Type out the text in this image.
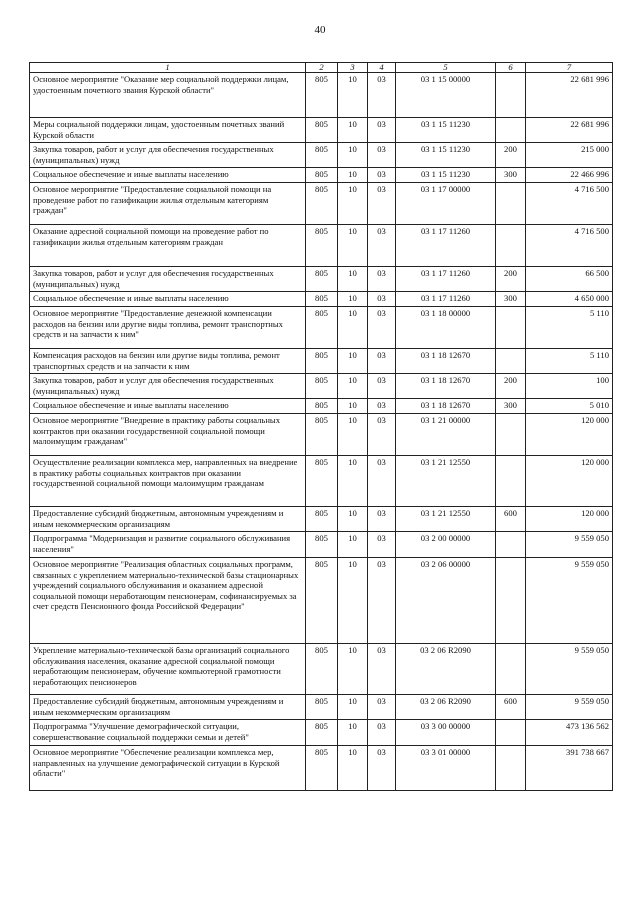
40
1	2	3	4	5	6	7
Основное мероприятие "Оказание мер социальной поддержки лицам, удостоенным почетного звания Курской области"	805	10	03	03 1 15 00000		22 681 996
Меры социальной поддержки лицам, удостоенным почетных званий Курской области	805	10	03	03 1 15 11230		22 681 996
Закупка товаров, работ и услуг для обеспечения государственных (муниципальных) нужд	805	10	03	03 1 15 11230	200	215 000
Социальное обеспечение и иные выплаты населению	805	10	03	03 1 15 11230	300	22 466 996
Основное мероприятие "Предоставление социальной помощи на проведение работ по газификации жилья отдельным категориям граждан"	805	10	03	03 1 17 00000		4 716 500
Оказание адресной социальной помощи на проведение работ по газификации жилья отдельным категориям граждан	805	10	03	03 1 17 11260		4 716 500
Закупка товаров, работ и услуг для обеспечения государственных (муниципальных) нужд	805	10	03	03 1 17 11260	200	66 500
Социальное обеспечение и иные выплаты населению	805	10	03	03 1 17 11260	300	4 650 000
Основное мероприятие "Предоставление денежной компенсации расходов на бензин или другие виды топлива, ремонт транспортных средств и на запчасти к ним"	805	10	03	03 1 18 00000		5 110
Компенсация расходов на бензин или другие виды топлива, ремонт транспортных средств и на запчасти к ним	805	10	03	03 1 18 12670		5 110
Закупка товаров, работ и услуг для обеспечения государственных (муниципальных) нужд	805	10	03	03 1 18 12670	200	100
Социальное обеспечение и иные выплаты населению	805	10	03	03 1 18 12670	300	5 010
Основное мероприятие "Внедрение в практику работы социальных контрактов при оказании государственной социальной помощи малоимущим гражданам"	805	10	03	03 1 21 00000		120 000
Осуществление реализации комплекса мер, направленных на внедрение в практику работы социальных контрактов при оказании государственной социальной помощи малоимущим гражданам	805	10	03	03 1 21 12550		120 000
Предоставление субсидий бюджетным, автономным учреждениям и иным некоммерческим организациям	805	10	03	03 1 21 12550	600	120 000
Подпрограмма "Модернизация и развитие социального обслуживания населения"	805	10	03	03 2 00 00000		9 559 050
Основное мероприятие "Реализация областных социальных программ, связанных с укреплением материально-технической базы стационарных учреждений социального обслуживания и оказанием адресной социальной помощи неработающим пенсионерам, софинансируемых за счет средств Пенсионного фонда Российской Федерации"	805	10	03	03 2 06 00000		9 559 050
Укрепление материально-технической базы организаций социального обслуживания населения, оказание адресной социальной помощи неработающим пенсионерам, обучение компьютерной грамотности неработающих пенсионеров	805	10	03	03 2 06 R2090		9 559 050
Предоставление субсидий бюджетным, автономным учреждениям и иным некоммерческим организациям	805	10	03	03 2 06 R2090	600	9 559 050
Подпрограмма "Улучшение демографической ситуации, совершенствование социальной поддержки семьи и детей"	805	10	03	03 3 00 00000		473 136 562
Основное мероприятие "Обеспечение реализации комплекса мер, направленных на улучшение демографической ситуации в Курской области"	805	10	03	03 3 01 00000		391 738 667
